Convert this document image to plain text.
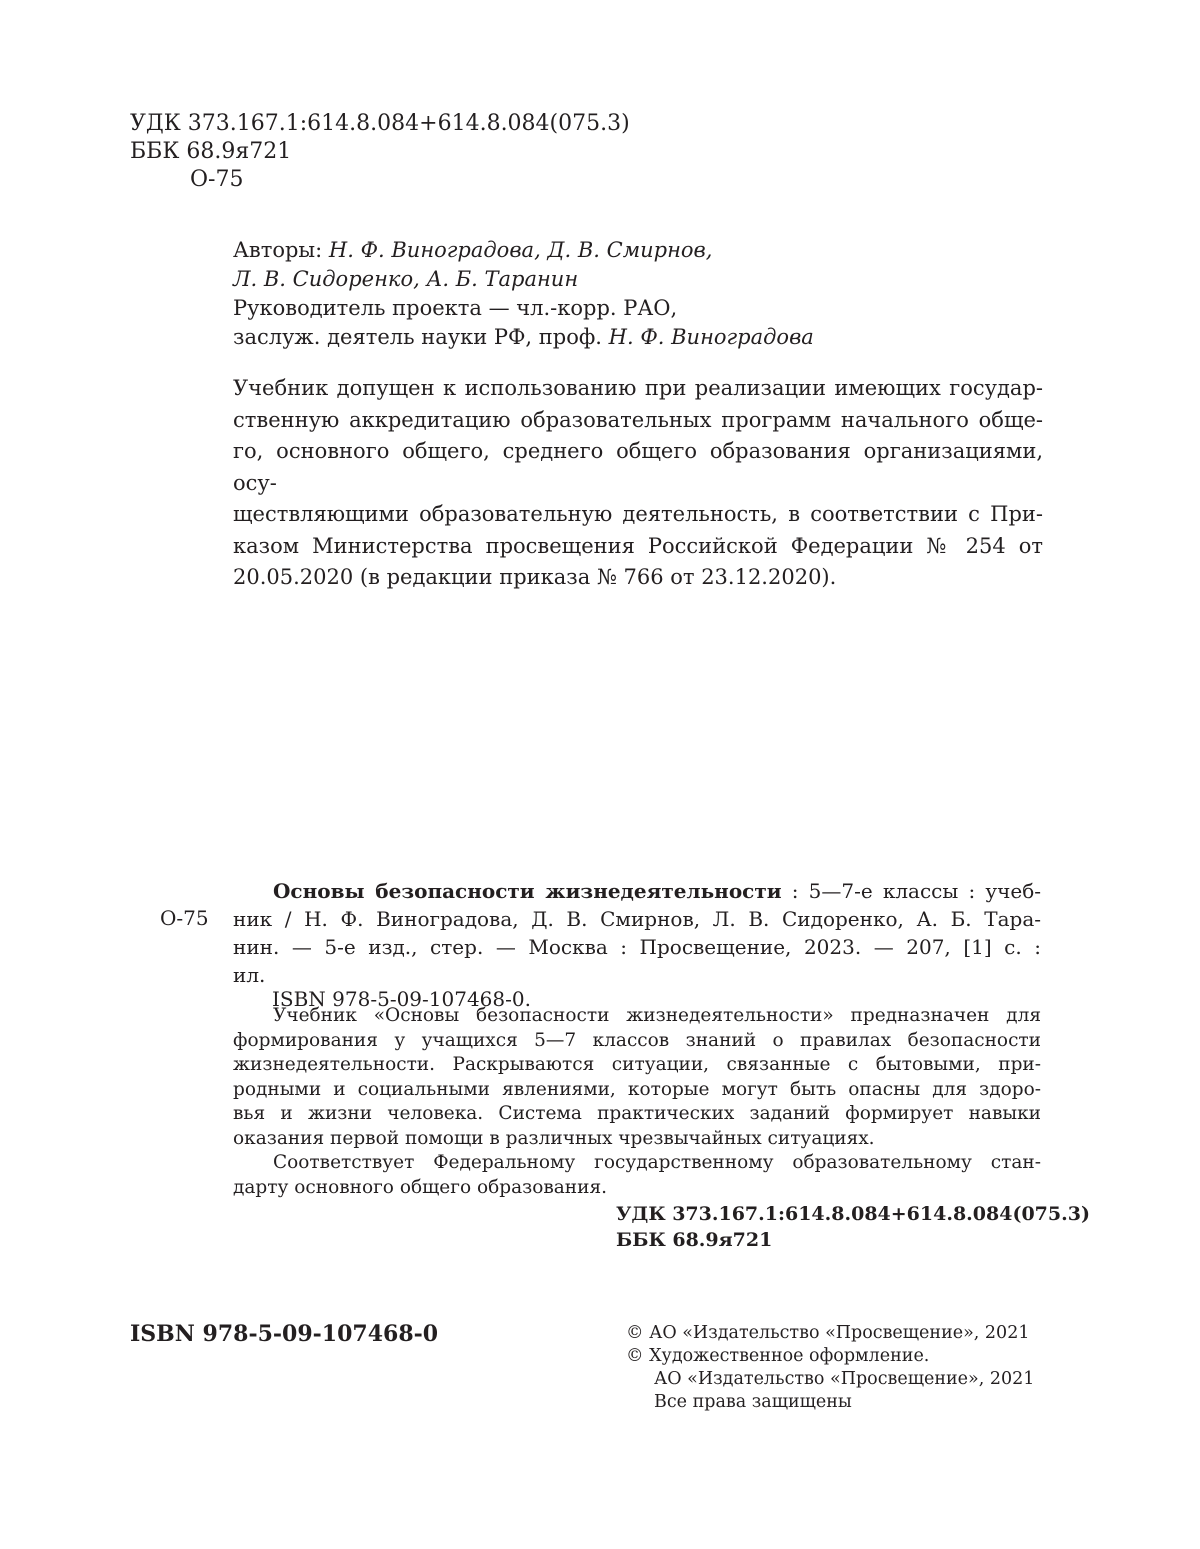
УДК 373.167.1:614.8.084+614.8.084(075.3)
ББК 68.9я721
О-75
Авторы: Н. Ф. Виноградова, Д. В. Смирнов,
Л. В. Сидоренко, А. Б. Таранин
Руководитель проекта — чл.-корр. РАО,
заслуж. деятель науки РФ, проф. Н. Ф. Виноградова
Учебник допущен к использованию при реализации имеющих государ-
ственную аккредитацию образовательных программ начального обще-
го, основного общего, среднего общего образования организациями, осу-
ществляющими образовательную деятельность, в соответствии с При-
казом Министерства просвещения Российской Федерации № 254 от
20.05.2020 (в редакции приказа № 766 от 23.12.2020).
О-75
Основы безопасности жизнедеятельности : 5—7-е классы : учеб-
ник / Н. Ф. Виноградова, Д. В. Смирнов, Л. В. Сидоренко, А. Б. Тара-
нин. — 5-е изд., стер. — Москва : Просвещение, 2023. — 207, [1] с. :
ил.
ISBN 978-5-09-107468-0.
Учебник «Основы безопасности жизнедеятельности» предназначен для
формирования у учащихся 5—7 классов знаний о правилах безопасности
жизнедеятельности. Раскрываются ситуации, связанные с бытовыми, при-
родными и социальными явлениями, которые могут быть опасны для здоро-
вья и жизни человека. Система практических заданий формирует навыки
оказания первой помощи в различных чрезвычайных ситуациях.
Соответствует Федеральному государственному образовательному стан-
дарту основного общего образования.
УДК 373.167.1:614.8.084+614.8.084(075.3)
ББК 68.9я721
ISBN 978-5-09-107468-0	© АО «Издательство «Просвещение», 2021
© Художественное оформление.
АО «Издательство «Просвещение», 2021
Все права защищены
